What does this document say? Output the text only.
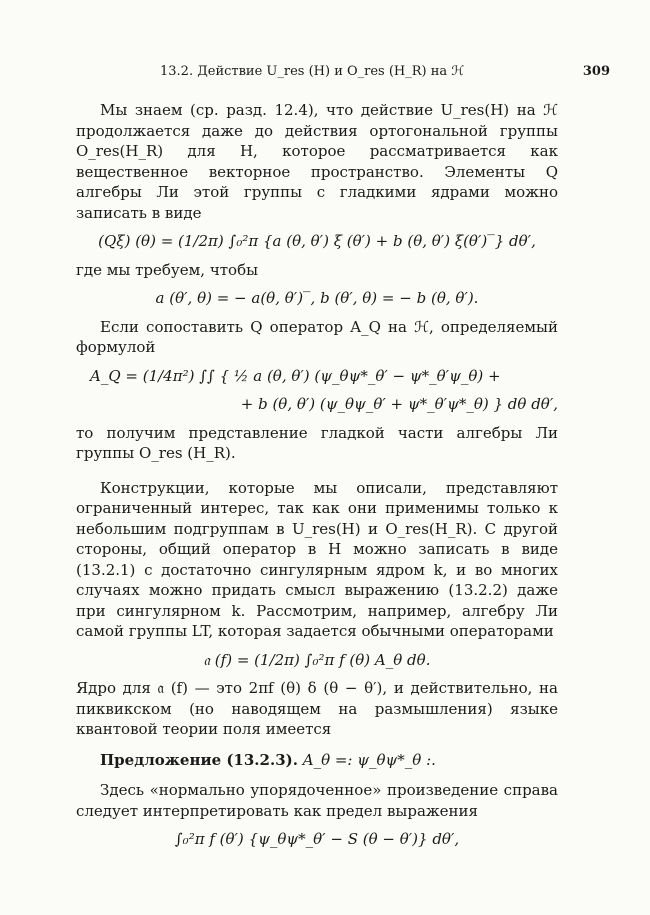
13.2. Действие U_res (H) и O_res (H_R) на ℋ	309

Мы знаем (ср. разд. 12.4), что действие U_res(H) на ℋ продолжается даже до действия ортогональной группы O_res(H_R) для H, которое рассматривается как вещественное векторное пространство. Элементы Q алгебры Ли этой группы с гладкими ядрами можно записать в виде

(Qξ) (θ) = (1/2π) ∫₀²π {a (θ, θ′) ξ (θ′) + b (θ, θ′) ξ(θ′)‾} dθ′,

где мы требуем, чтобы

a (θ′, θ) = − a(θ, θ′)‾, b (θ′, θ) = − b (θ, θ′).

Если сопоставить Q оператор A_Q на ℋ, определяемый формулой

A_Q = (1/4π²) ∫∫ { ½ a (θ, θ′) (ψ_θψ*_θ′ − ψ*_θ′ψ_θ) +
+ b (θ, θ′) (ψ_θψ_θ′ + ψ*_θ′ψ*_θ) } dθ dθ′,

то получим представление гладкой части алгебры Ли группы O_res (H_R).

Конструкции, которые мы описали, представляют ограниченный интерес, так как они применимы только к небольшим подгруппам в U_res(H) и O_res(H_R). С другой стороны, общий оператор в H можно записать в виде (13.2.1) с достаточно сингулярным ядром k, и во многих случаях можно придать смысл выражению (13.2.2) даже при сингулярном k. Рассмотрим, например, алгебру Ли самой группы LT, которая задается обычными операторами

𝔞 (f) = (1/2π) ∫₀²π f (θ) A_θ dθ.

Ядро для 𝔞 (f) — это 2πf (θ) δ (θ − θ′), и действительно, на пиквикском (но наводящем на размышления) языке квантовой теории поля имеется

Предложение (13.2.3). A_θ =: ψ_θψ*_θ :.

Здесь «нормально упорядоченное» произведение справа следует интерпретировать как предел выражения

∫₀²π f (θ′) {ψ_θψ*_θ′ − S (θ − θ′)} dθ′,
